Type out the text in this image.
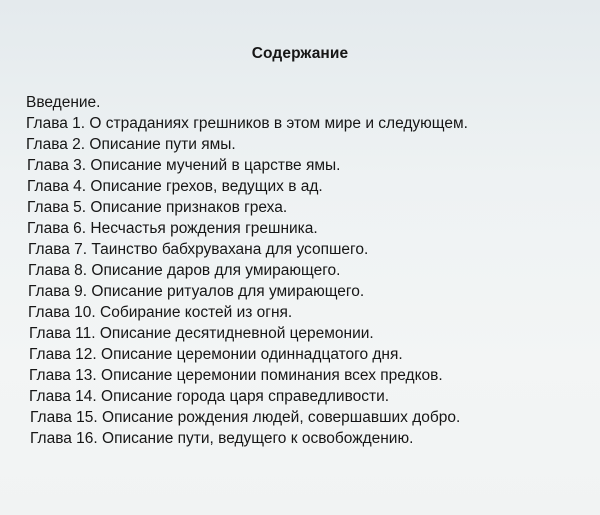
Содержание
Введение.
Глава 1. О страданиях грешников в этом мире и следующем.
Глава 2. Описание пути ямы.
Глава 3. Описание мучений в царстве ямы.
Глава 4. Описание грехов, ведущих в ад.
Глава 5. Описание признаков греха.
Глава 6. Несчастья рождения грешника.
Глава 7. Таинство бабхрувахана для усопшего.
Глава 8. Описание даров для умирающего.
Глава 9. Описание ритуалов для умирающего.
Глава 10. Собирание костей из огня.
Глава 11. Описание десятидневной церемонии.
Глава 12. Описание церемонии одиннадцатого дня.
Глава 13. Описание церемонии поминания всех предков.
Глава 14. Описание города царя справедливости.
Глава 15. Описание рождения людей, совершавших добро.
Глава 16. Описание пути, ведущего к освобождению.
